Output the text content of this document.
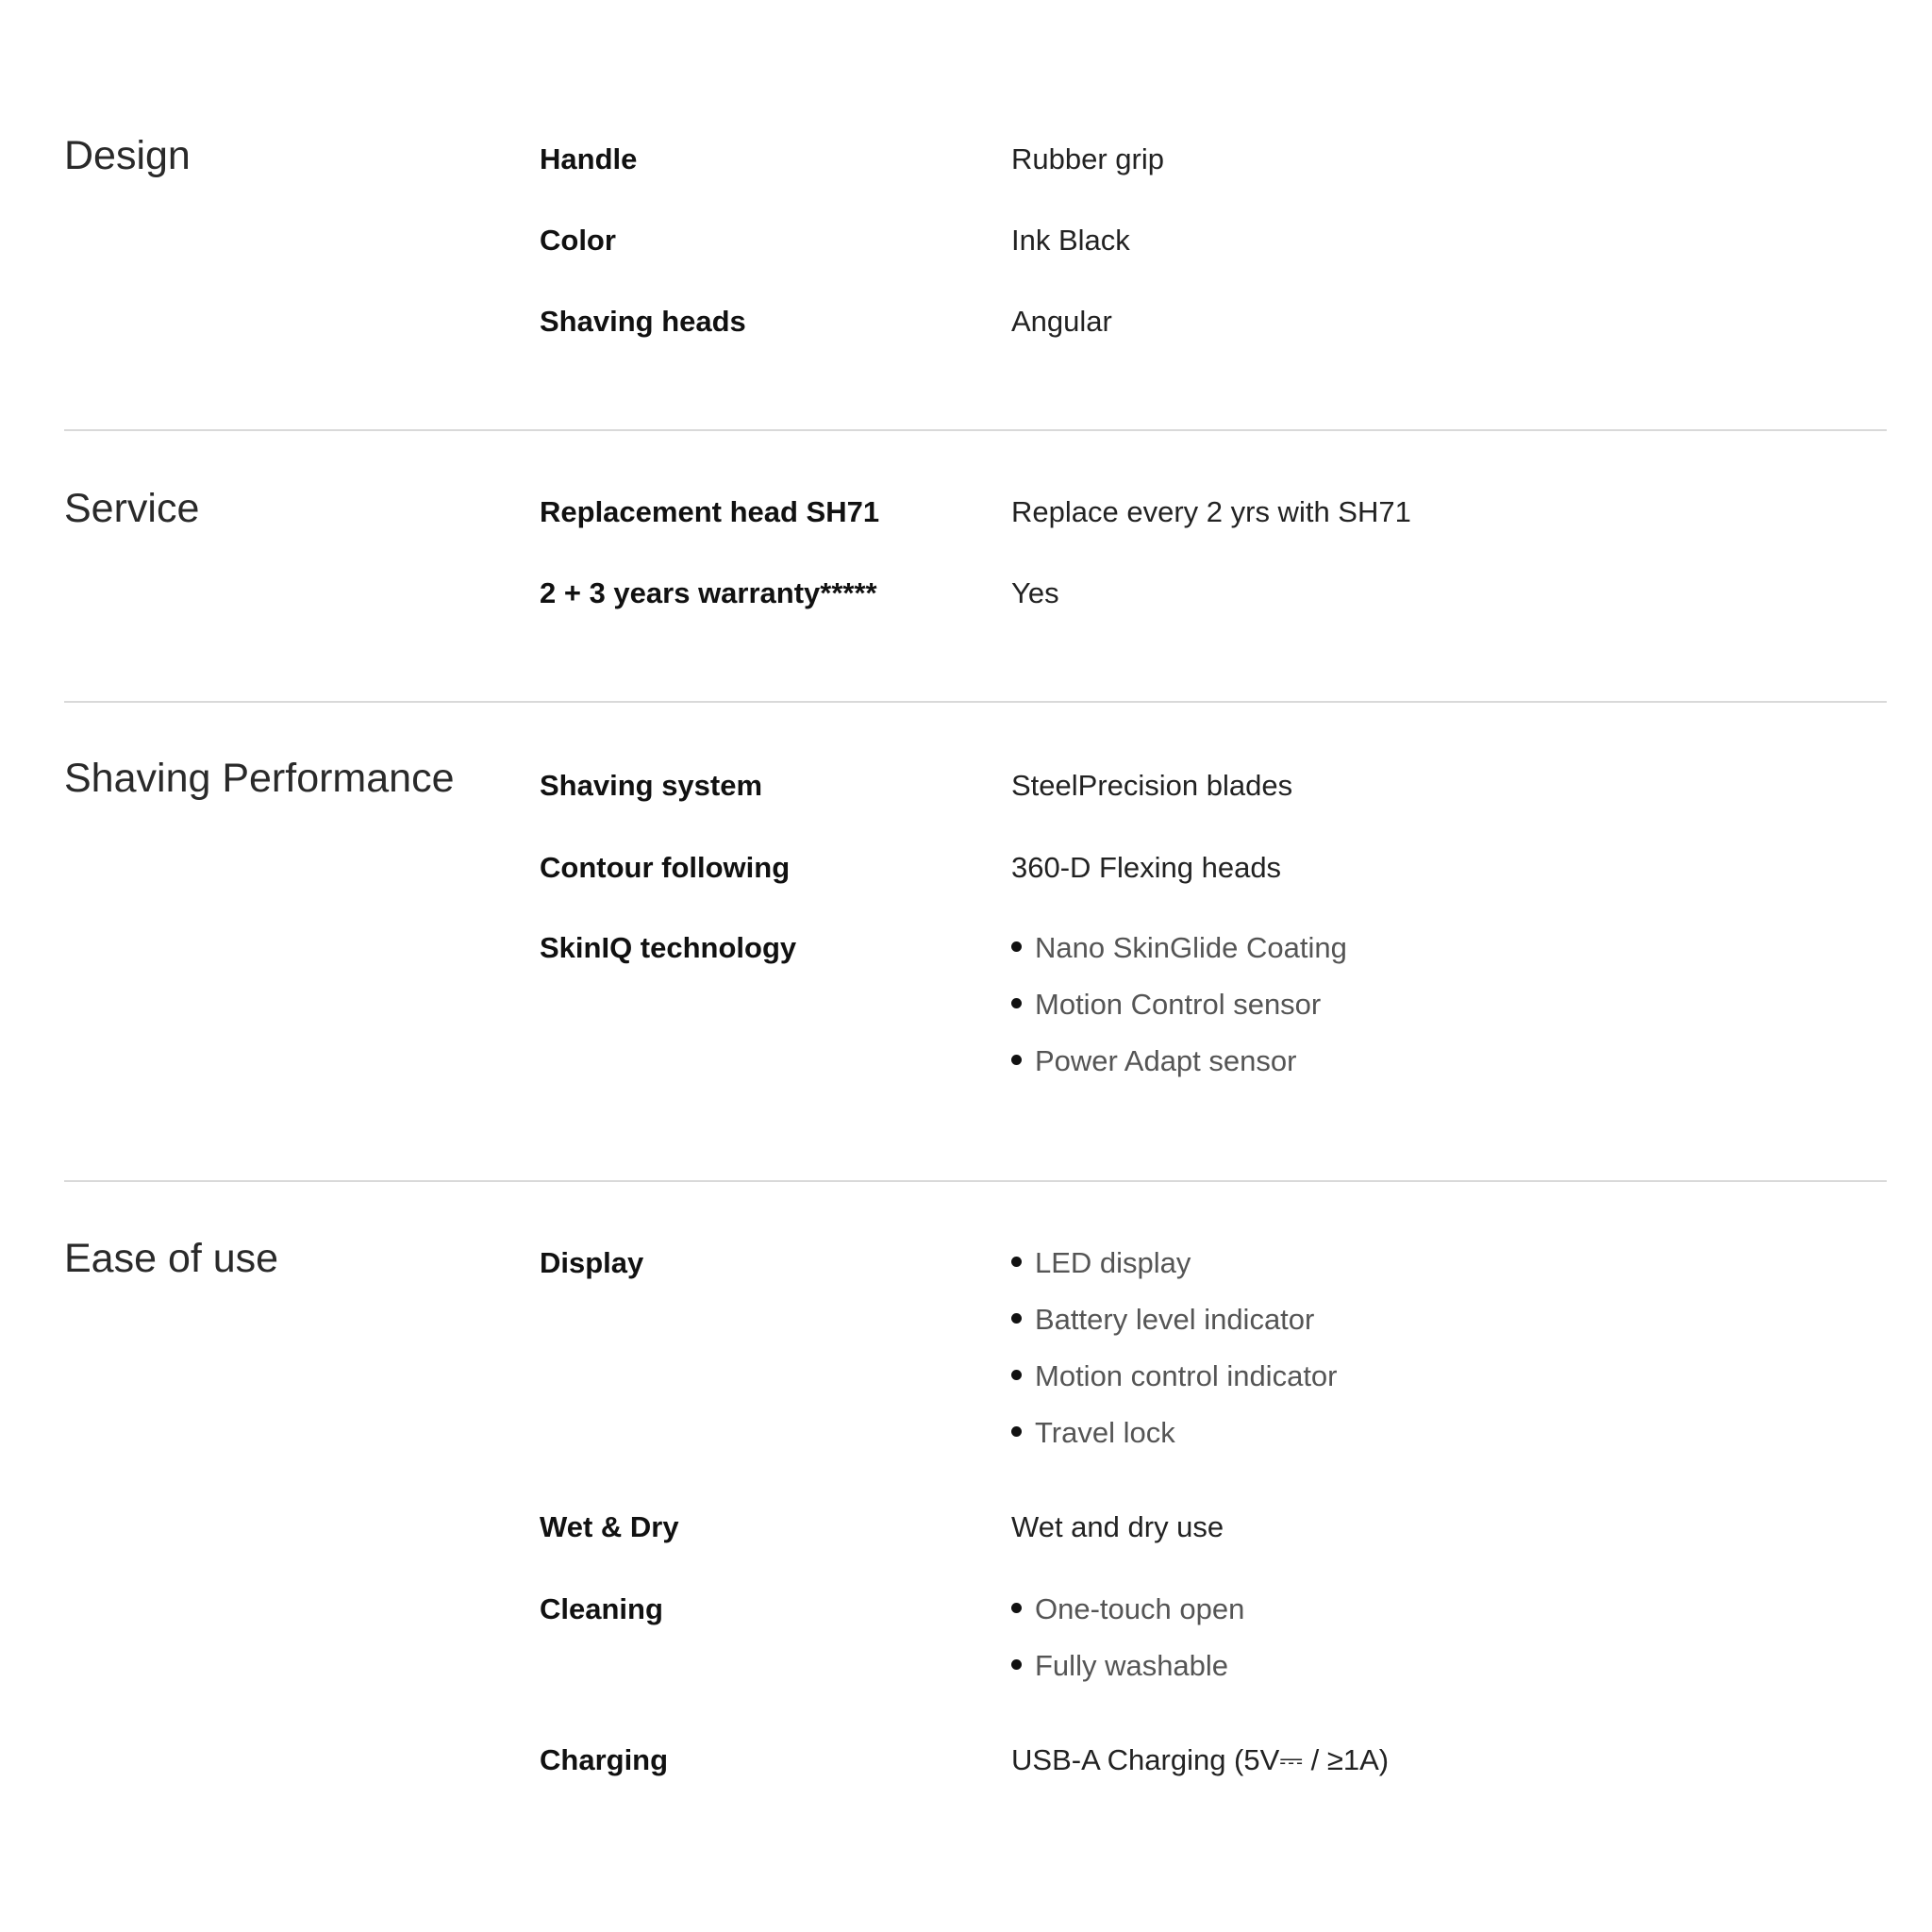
Design	Handle	Rubber grip
Color	Ink Black
Shaving heads	Angular
Service	Replacement head SH71	Replace every 2 yrs with SH71
2 + 3 years warranty*****	Yes
Shaving Performance	Shaving system	SteelPrecision blades
Contour following	360-D Flexing heads
SkinIQ technology	Nano SkinGlide Coating
Motion Control sensor
Power Adapt sensor
Ease of use	Display	LED display
Battery level indicator
Motion control indicator
Travel lock
Wet & Dry	Wet and dry use
Cleaning	One-touch open
Fully washable
Charging	USB-A Charging (5V⎓ / ≥1A)
